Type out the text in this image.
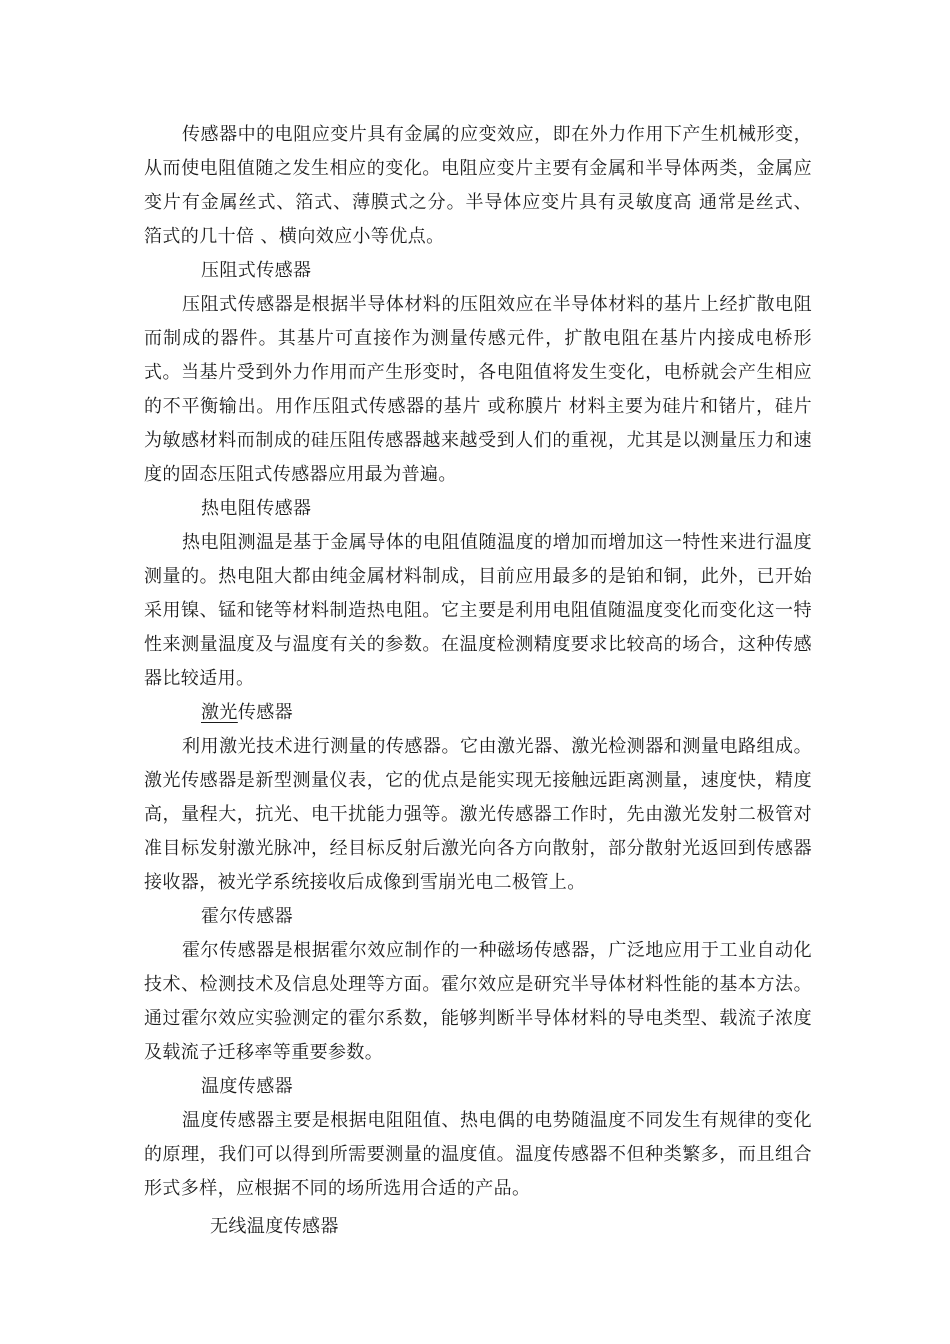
传感器中的电阻应变片具有金属的应变效应，即在外力作用下产生机械形变，从而使电阻值随之发生相应的变化。电阻应变片主要有金属和半导体两类，金属应变片有金属丝式、箔式、薄膜式之分。半导体应变片具有灵敏度高 通常是丝式、箔式的几十倍 、横向效应小等优点。

压阻式传感器

压阻式传感器是根据半导体材料的压阻效应在半导体材料的基片上经扩散电阻而制成的器件。其基片可直接作为测量传感元件，扩散电阻在基片内接成电桥形式。当基片受到外力作用而产生形变时，各电阻值将发生变化，电桥就会产生相应的不平衡输出。用作压阻式传感器的基片 或称膜片 材料主要为硅片和锗片，硅片为敏感材料而制成的硅压阻传感器越来越受到人们的重视，尤其是以测量压力和速度的固态压阻式传感器应用最为普遍。

热电阻传感器

热电阻测温是基于金属导体的电阻值随温度的增加而增加这一特性来进行温度测量的。热电阻大都由纯金属材料制成，目前应用最多的是铂和铜，此外，已开始采用镍、锰和铑等材料制造热电阻。它主要是利用电阻值随温度变化而变化这一特性来测量温度及与温度有关的参数。在温度检测精度要求比较高的场合，这种传感器比较适用。

激光传感器

利用激光技术进行测量的传感器。它由激光器、激光检测器和测量电路组成。激光传感器是新型测量仪表，它的优点是能实现无接触远距离测量，速度快，精度高，量程大，抗光、电干扰能力强等。激光传感器工作时，先由激光发射二极管对准目标发射激光脉冲，经目标反射后激光向各方向散射，部分散射光返回到传感器接收器，被光学系统接收后成像到雪崩光电二极管上。

霍尔传感器

霍尔传感器是根据霍尔效应制作的一种磁场传感器，广泛地应用于工业自动化技术、检测技术及信息处理等方面。霍尔效应是研究半导体材料性能的基本方法。通过霍尔效应实验测定的霍尔系数，能够判断半导体材料的导电类型、载流子浓度及载流子迁移率等重要参数。

温度传感器

温度传感器主要是根据电阻阻值、热电偶的电势随温度不同发生有规律的变化的原理，我们可以得到所需要测量的温度值。温度传感器不但种类繁多，而且组合形式多样，应根据不同的场所选用合适的产品。

无线温度传感器
